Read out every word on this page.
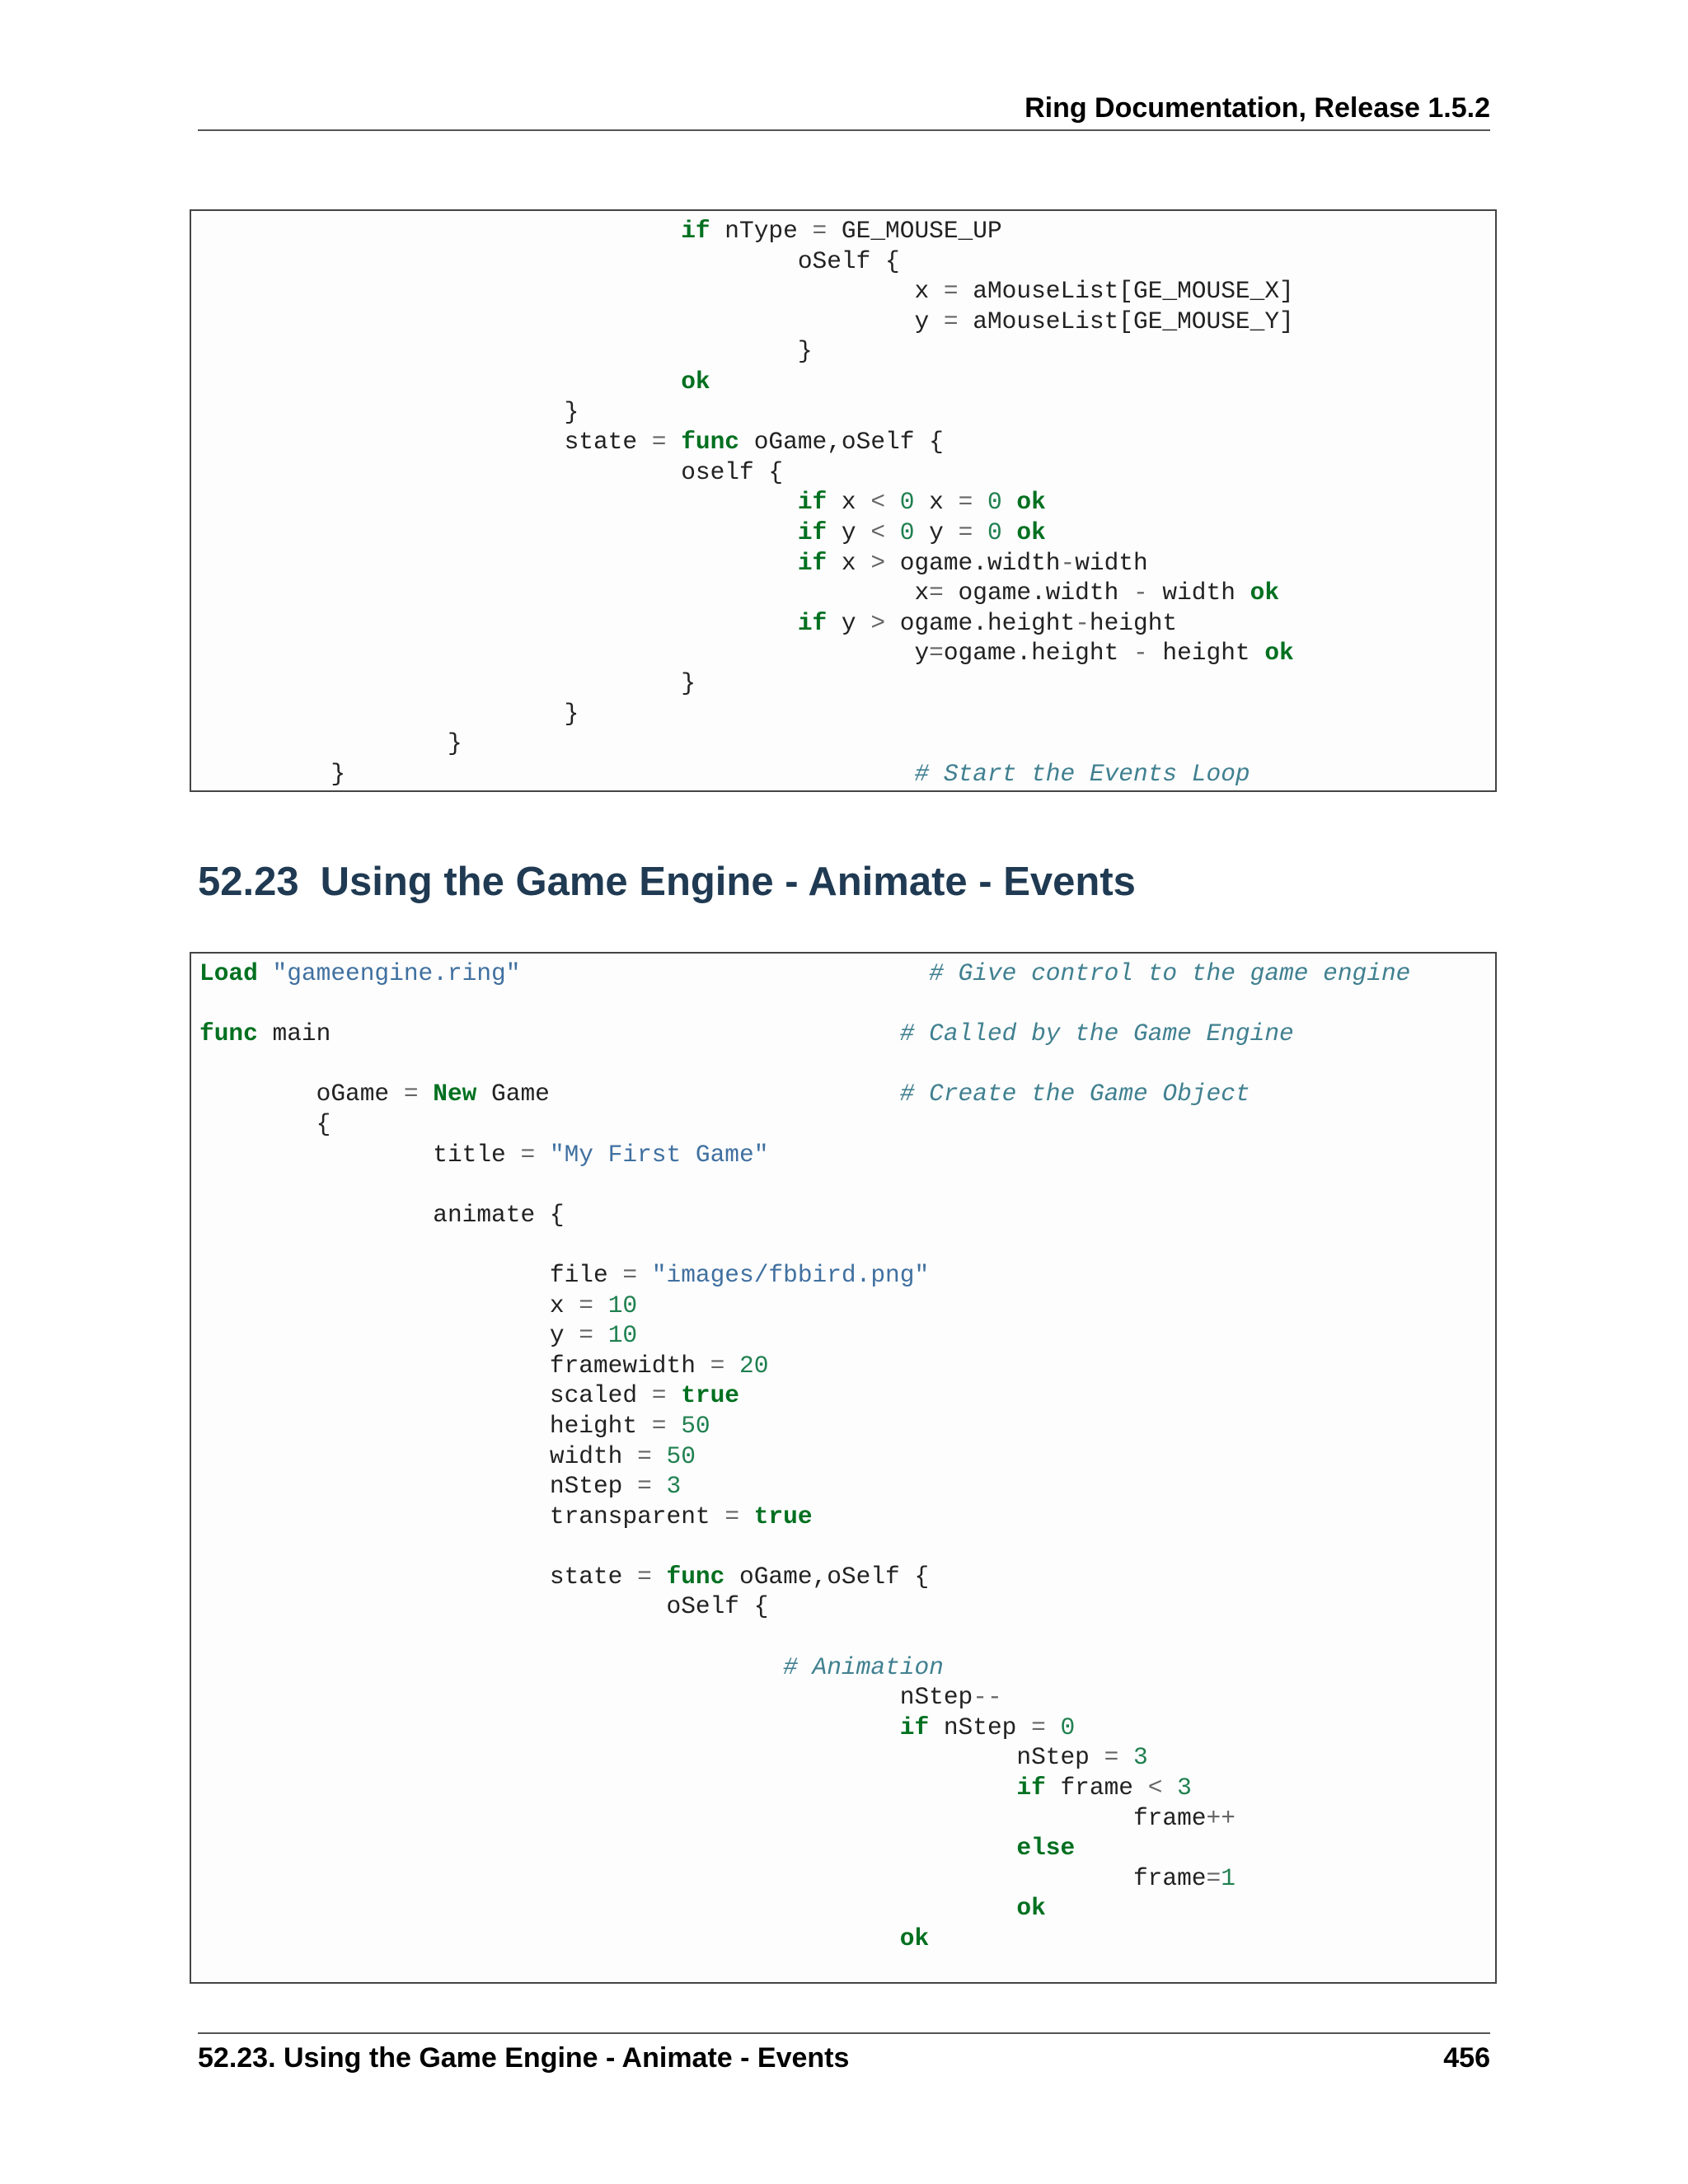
Ring Documentation, Release 1.5.2
if nType = GE_MOUSE_UP
oSelf {
x = aMouseList[GE_MOUSE_X]
y = aMouseList[GE_MOUSE_Y]
}
ok
}
state = func oGame,oSelf {
oself {
if x < 0 x = 0 ok
if y < 0 y = 0 ok
if x > ogame.width-width
x= ogame.width - width ok
if y > ogame.height-height
y=ogame.height - height ok
}
}
}
}	# Start the Events Loop
52.23 Using the Game Engine - Animate - Events
Load "gameengine.ring"	# Give control to the game engine

func main                                       # Called by the Game Engine

oGame = New Game                        # Create the Game Object
{
title = "My First Game"

animate {

file = "images/fbbird.png"
x = 10
y = 10
framewidth = 20
scaled = true
height = 50
width = 50
nStep = 3
transparent = true

state = func oGame,oSelf {
oSelf {

# Animation
nStep--
if nStep = 0
nStep = 3
if frame < 3
frame++
else
frame=1
ok
ok
52.23. Using the Game Engine - Animate - Events	456
